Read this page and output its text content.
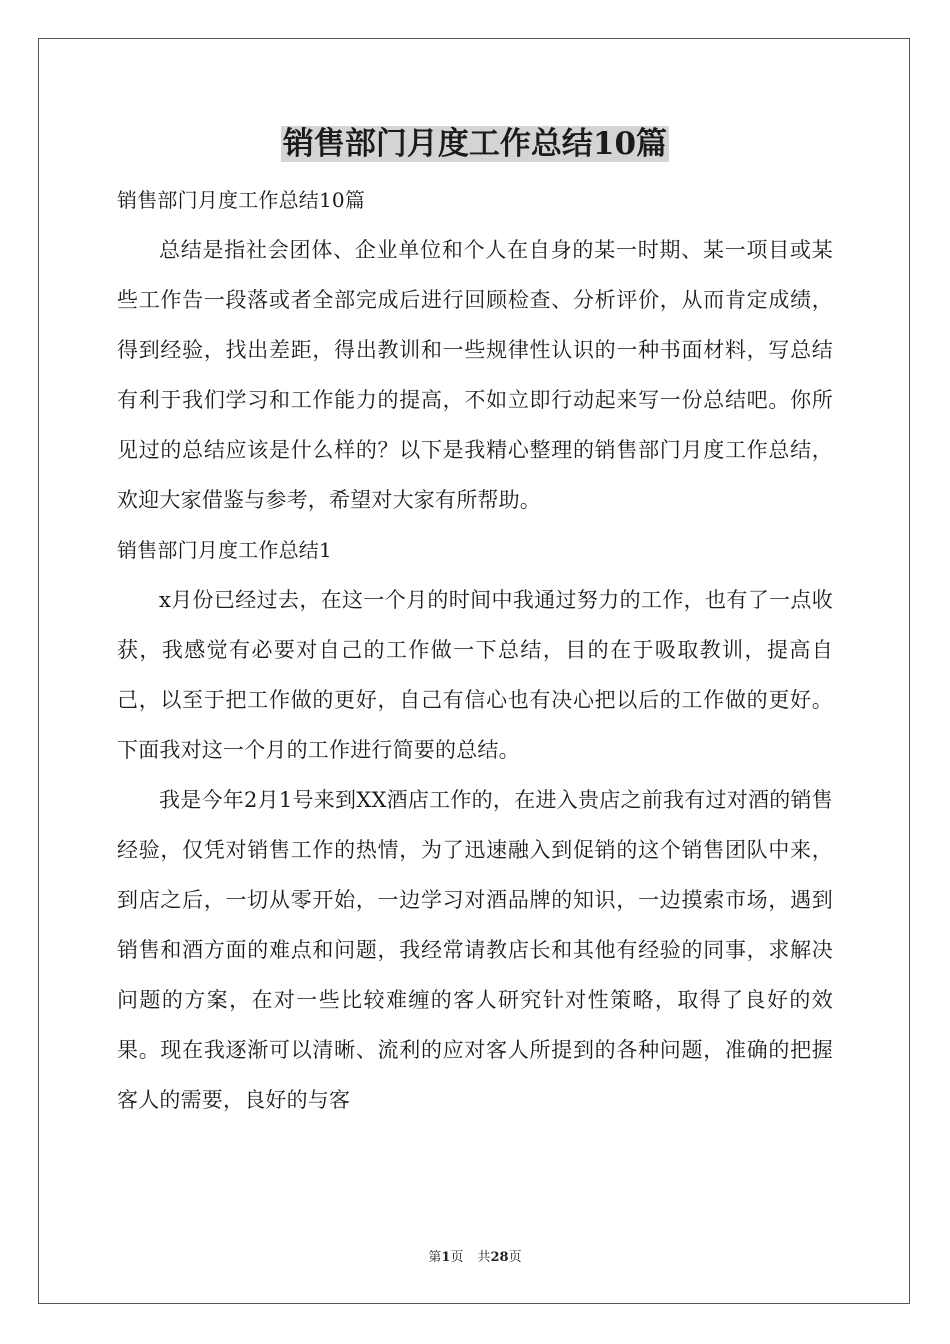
销售部门月度工作总结10篇

销售部门月度工作总结10篇

总结是指社会团体、企业单位和个人在自身的某一时期、某一项目或某些工作告一段落或者全部完成后进行回顾检查、分析评价，从而肯定成绩，得到经验，找出差距，得出教训和一些规律性认识的一种书面材料，写总结有利于我们学习和工作能力的提高，不如立即行动起来写一份总结吧。你所见过的总结应该是什么样的？以下是我精心整理的销售部门月度工作总结，欢迎大家借鉴与参考，希望对大家有所帮助。

销售部门月度工作总结1

x月份已经过去，在这一个月的时间中我通过努力的工作，也有了一点收获，我感觉有必要对自己的工作做一下总结，目的在于吸取教训，提高自己，以至于把工作做的更好，自己有信心也有决心把以后的工作做的更好。下面我对这一个月的工作进行简要的总结。

我是今年2月1号来到XX酒店工作的，在进入贵店之前我有过对酒的销售经验，仅凭对销售工作的热情，为了迅速融入到促销的这个销售团队中来，到店之后，一切从零开始，一边学习对酒品牌的知识，一边摸索市场，遇到销售和酒方面的难点和问题，我经常请教店长和其他有经验的同事，求解决问题的方案，在对一些比较难缠的客人研究针对性策略，取得了良好的效果。现在我逐渐可以清晰、流利的应对客人所提到的各种问题，准确的把握客人的需要，良好的与客

第1页 共28页
